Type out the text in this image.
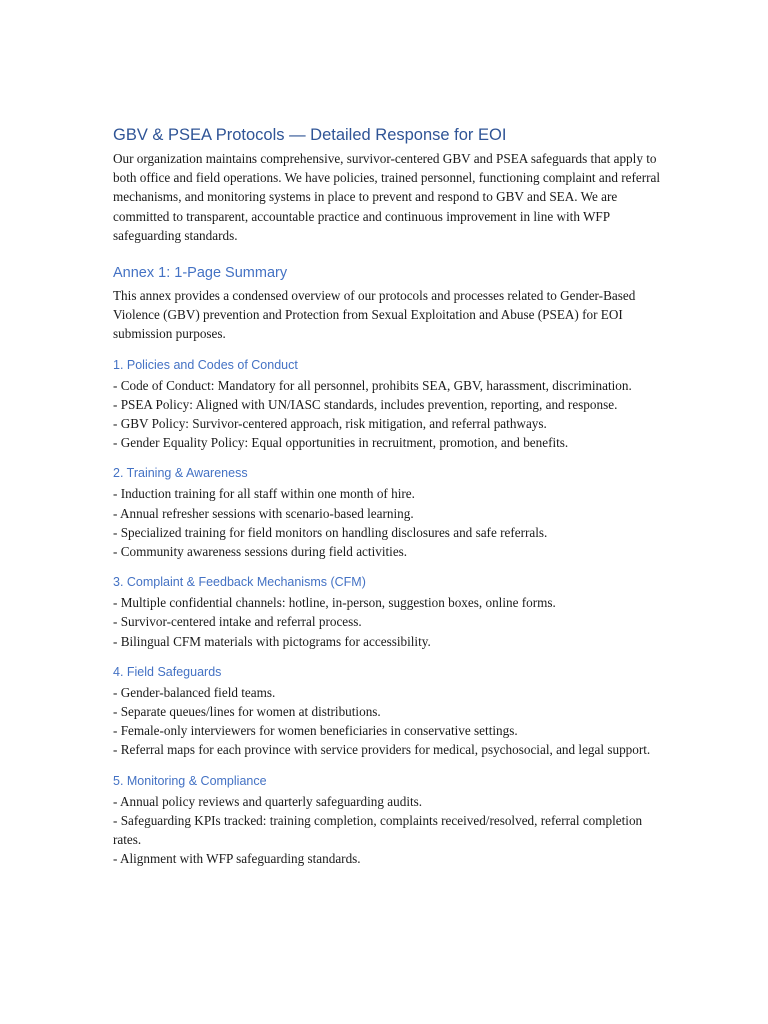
GBV & PSEA Protocols — Detailed Response for EOI

Our organization maintains comprehensive, survivor-centered GBV and PSEA safeguards that apply to both office and field operations. We have policies, trained personnel, functioning complaint and referral mechanisms, and monitoring systems in place to prevent and respond to GBV and SEA. We are committed to transparent, accountable practice and continuous improvement in line with WFP safeguarding standards.

Annex 1: 1-Page Summary

This annex provides a condensed overview of our protocols and processes related to Gender-Based Violence (GBV) prevention and Protection from Sexual Exploitation and Abuse (PSEA) for EOI submission purposes.

1. Policies and Codes of Conduct
- Code of Conduct: Mandatory for all personnel, prohibits SEA, GBV, harassment, discrimination.
- PSEA Policy: Aligned with UN/IASC standards, includes prevention, reporting, and response.
- GBV Policy: Survivor-centered approach, risk mitigation, and referral pathways.
- Gender Equality Policy: Equal opportunities in recruitment, promotion, and benefits.
2. Training & Awareness
- Induction training for all staff within one month of hire.
- Annual refresher sessions with scenario-based learning.
- Specialized training for field monitors on handling disclosures and safe referrals.
- Community awareness sessions during field activities.
3. Complaint & Feedback Mechanisms (CFM)
- Multiple confidential channels: hotline, in-person, suggestion boxes, online forms.
- Survivor-centered intake and referral process.
- Bilingual CFM materials with pictograms for accessibility.
4. Field Safeguards
- Gender-balanced field teams.
- Separate queues/lines for women at distributions.
- Female-only interviewers for women beneficiaries in conservative settings.
- Referral maps for each province with service providers for medical, psychosocial, and legal support.
5. Monitoring & Compliance
- Annual policy reviews and quarterly safeguarding audits.
- Safeguarding KPIs tracked: training completion, complaints received/resolved, referral completion rates.
- Alignment with WFP safeguarding standards.
